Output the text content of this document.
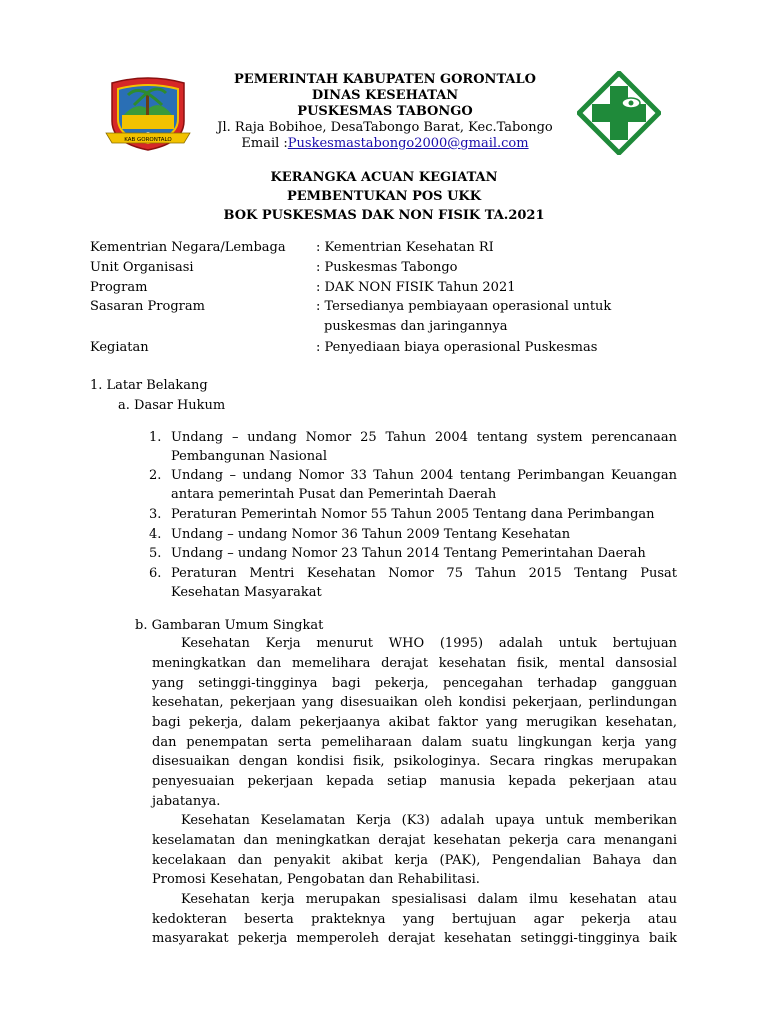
KAB GORONTALO
PEMERINTAH KABUPATEN GORONTALO
DINAS KESEHATAN
PUSKESMAS TABONGO
Jl. Raja Bobihoe, DesaTabongo Barat, Kec.Tabongo
Email :Puskesmastabongo2000@gmail.com
KERANGKA ACUAN KEGIATAN
PEMBENTUKAN POS UKK
BOK PUSKESMAS DAK NON FISIK TA.2021
Kementrian Negara/Lembaga : Kementrian Kesehatan RI
Unit Organisasi	: Puskesmas Tabongo
Program	: DAK NON FISIK Tahun 2021
Sasaran Program	: Tersedianya pembiayaan operasional untuk
puskesmas dan jaringannya
Kegiatan	: Penyediaan biaya operasional Puskesmas
1. Latar Belakang
a. Dasar Hukum
1. Undang – undang Nomor 25 Tahun 2004 tentang system perencanaan
Pembangunan Nasional
2. Undang – undang Nomor 33 Tahun 2004 tentang Perimbangan Keuangan
antara pemerintah Pusat dan Pemerintah Daerah
3. Peraturan Pemerintah Nomor 55 Tahun 2005 Tentang dana Perimbangan
4. Undang – undang Nomor 36 Tahun 2009 Tentang Kesehatan
5. Undang – undang Nomor 23 Tahun 2014 Tentang Pemerintahan Daerah
6. Peraturan Mentri Kesehatan Nomor 75 Tahun 2015 Tentang Pusat
Kesehatan Masyarakat
b. Gambaran Umum Singkat
Kesehatan Kerja menurut WHO (1995) adalah untuk bertujuan
meningkatkan dan memelihara derajat kesehatan fisik, mental dansosial
yang setinggi-tingginya bagi pekerja, pencegahan terhadap gangguan
kesehatan, pekerjaan yang disesuaikan oleh kondisi pekerjaan, perlindungan
bagi pekerja, dalam pekerjaanya akibat faktor yang merugikan kesehatan,
dan penempatan serta pemeliharaan dalam suatu lingkungan kerja yang
disesuaikan dengan kondisi fisik, psikologinya. Secara ringkas merupakan
penyesuaian pekerjaan kepada setiap manusia kepada pekerjaan atau
jabatanya.
Kesehatan Keselamatan Kerja (K3) adalah upaya untuk memberikan
keselamatan dan meningkatkan derajat kesehatan pekerja cara menangani
kecelakaan dan penyakit akibat kerja (PAK), Pengendalian Bahaya dan
Promosi Kesehatan, Pengobatan dan Rehabilitasi.
Kesehatan kerja merupakan spesialisasi dalam ilmu kesehatan atau
kedokteran beserta prakteknya yang bertujuan agar pekerja atau
masyarakat pekerja memperoleh derajat kesehatan setinggi-tingginya baik
